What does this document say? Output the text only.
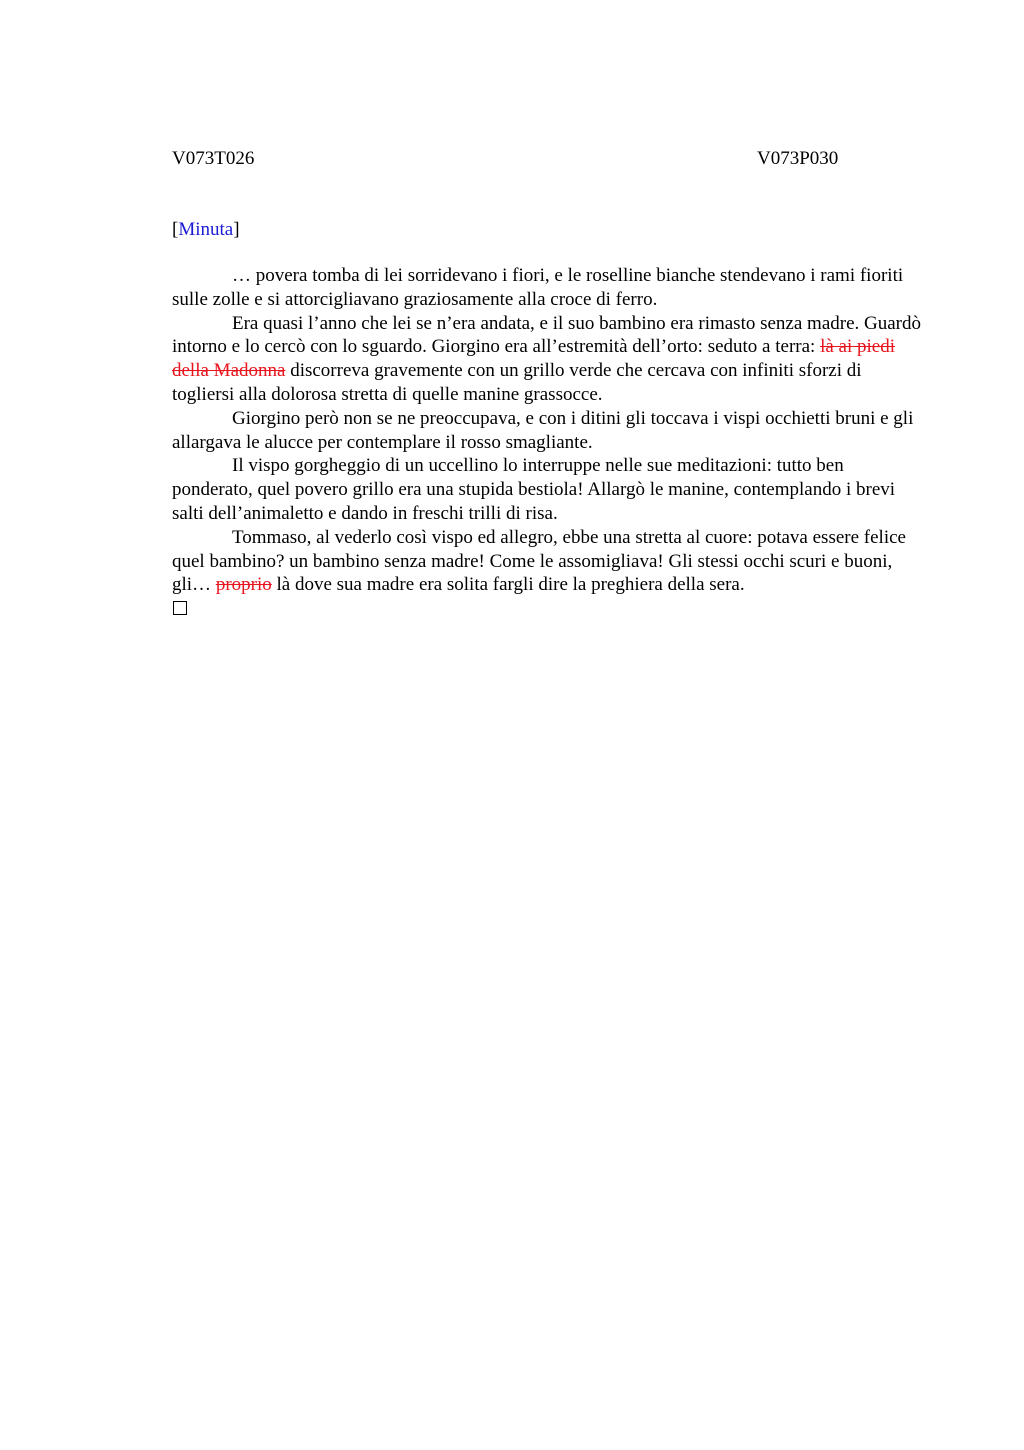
V073T026	V073P030
[Minuta]

… povera tomba di lei sorridevano i fiori, e le roselline bianche stendevano i rami fioriti sulle zolle e si attorcigliavano graziosamente alla croce di ferro.

Era quasi l’anno che lei se n’era andata, e il suo bambino era rimasto senza madre. Guardò intorno e lo cercò con lo sguardo. Giorgino era all’estremità dell’orto: seduto a terra: là ai piedi della Madonna discorreva gravemente con un grillo verde che cercava con infiniti sforzi di togliersi alla dolorosa stretta di quelle manine grassocce.

Giorgino però non se ne preoccupava, e con i ditini gli toccava i vispi occhietti bruni e gli allargava le alucce per contemplare il rosso smagliante.

Il vispo gorgheggio di un uccellino lo interruppe nelle sue meditazioni: tutto ben ponderato, quel povero grillo era una stupida bestiola! Allargò le manine, contemplando i brevi salti dell’animaletto e dando in freschi trilli di risa.

Tommaso, al vederlo così vispo ed allegro, ebbe una stretta al cuore: potava essere felice quel bambino? un bambino senza madre! Come le assomigliava! Gli stessi occhi scuri e buoni, gli… proprio là dove sua madre era solita fargli dire la preghiera della sera.
